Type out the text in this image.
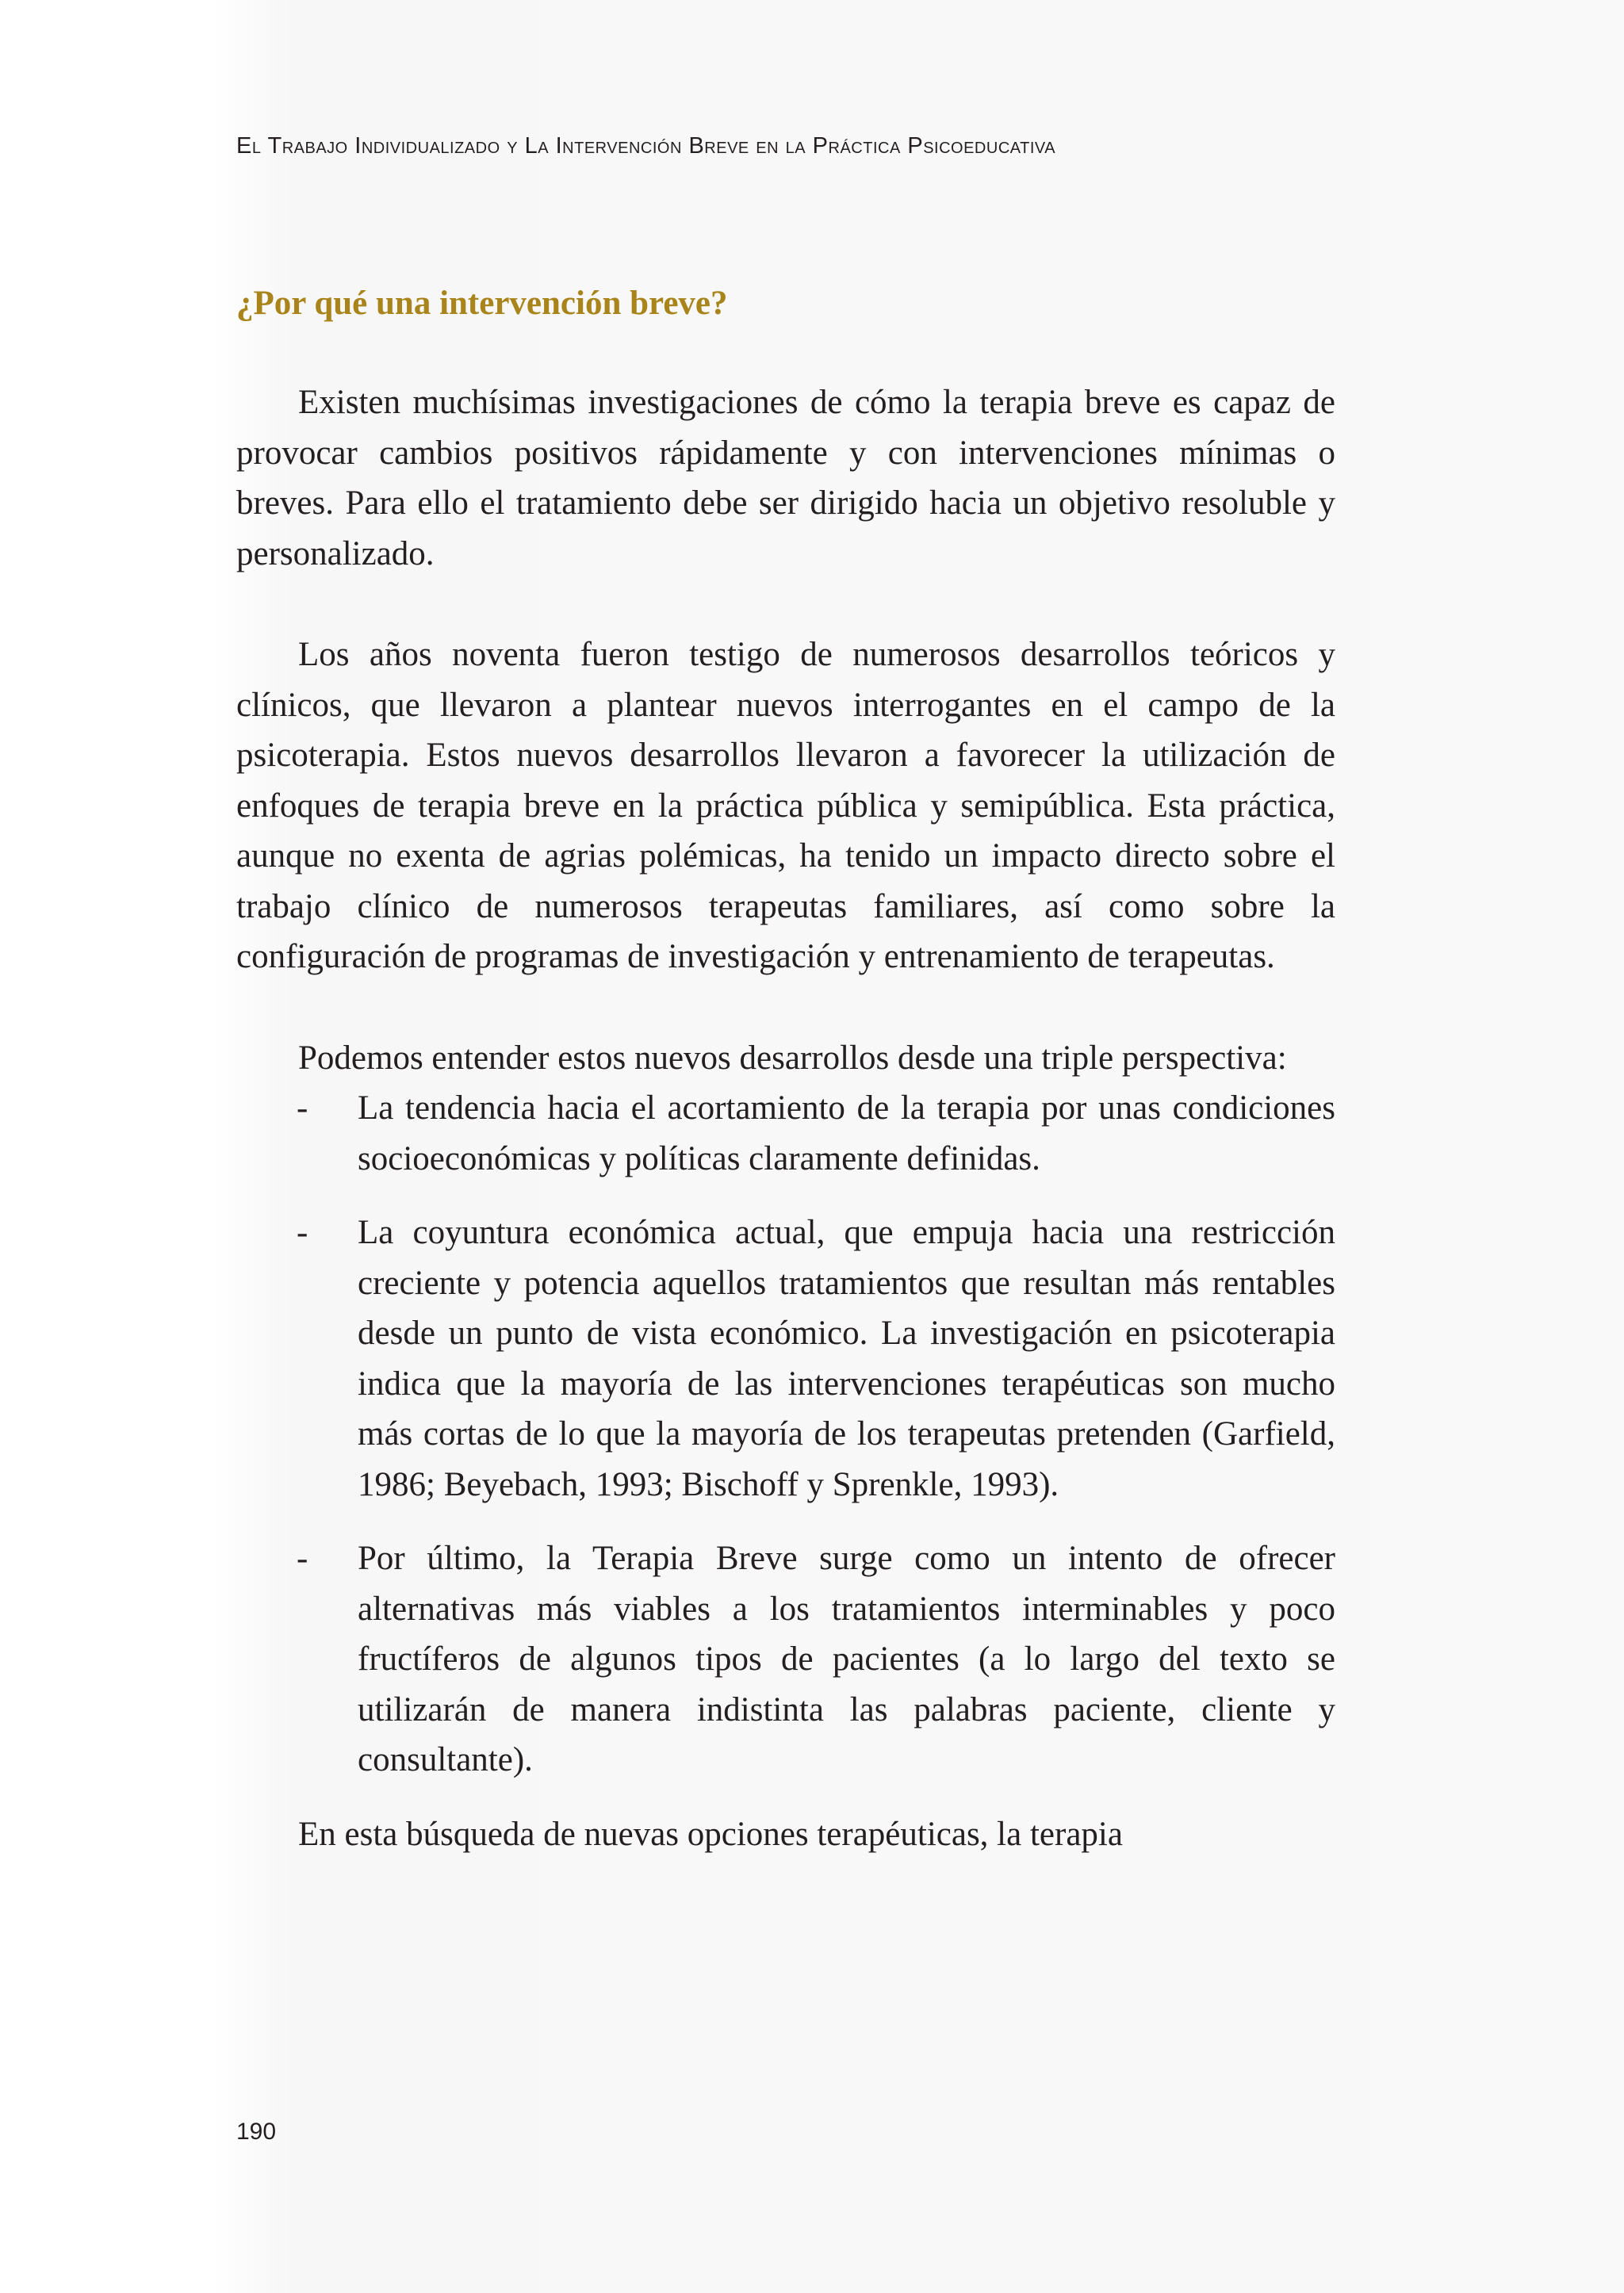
El Trabajo Individualizado y La Intervención Breve en la Práctica Psicoeducativa
¿Por qué una intervención breve?

Existen muchísimas investigaciones de cómo la terapia breve es capaz de provocar cambios positivos rápidamente y con intervenciones mínimas o breves. Para ello el tratamiento debe ser dirigido hacia un objetivo resoluble y personalizado.

Los años noventa fueron testigo de numerosos desarrollos teóricos y clínicos, que llevaron a plantear nuevos interrogantes en el campo de la psicoterapia. Estos nuevos desarrollos llevaron a favorecer la utilización de enfoques de terapia breve en la práctica pública y semipública. Esta práctica, aunque no exenta de agrias polémicas, ha tenido un impacto directo sobre el trabajo clínico de numerosos terapeutas familiares, así como sobre la configuración de programas de investigación y entrenamiento de terapeutas.

Podemos entender estos nuevos desarrollos desde una triple perspectiva:

- La tendencia hacia el acortamiento de la terapia por unas condiciones socioeconómicas y políticas claramente definidas.
- La coyuntura económica actual, que empuja hacia una restricción creciente y potencia aquellos tratamientos que resultan más rentables desde un punto de vista económico. La investigación en psicoterapia indica que la mayoría de las intervenciones terapéuticas son mucho más cortas de lo que la mayoría de los terapeutas pretenden (Garfield, 1986; Beyebach, 1993; Bischoff y Sprenkle, 1993).
- Por último, la Terapia Breve surge como un intento de ofrecer alternativas más viables a los tratamientos interminables y poco fructíferos de algunos tipos de pacientes (a lo largo del texto se utilizarán de manera indistinta las palabras paciente, cliente y consultante).

En esta búsqueda de nuevas opciones terapéuticas, la terapia

190
